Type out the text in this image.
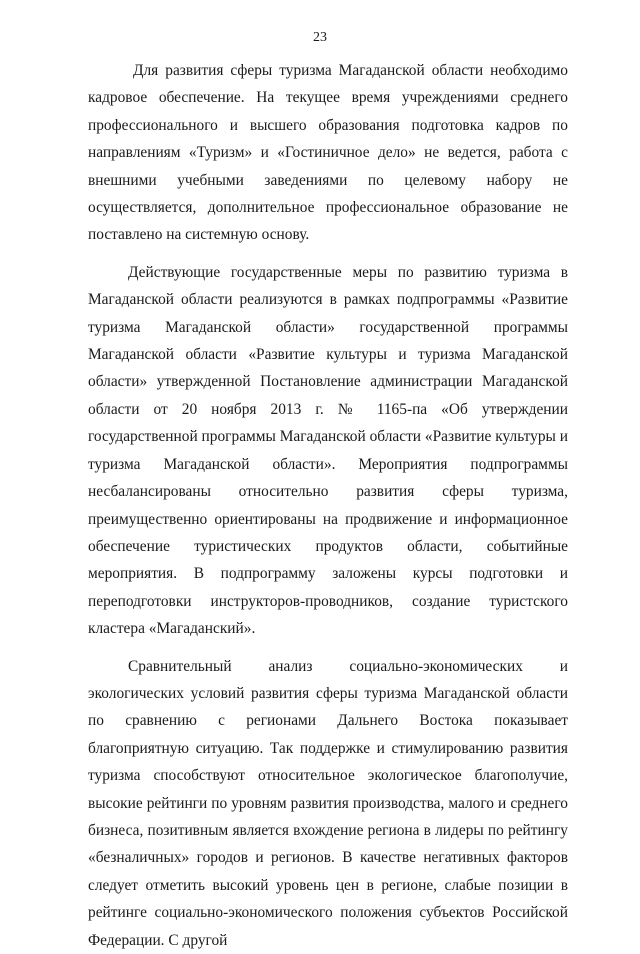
23

Для развития сферы туризма Магаданской области необходимо кадровое обеспечение. На текущее время учреждениями среднего профессионального и высшего образования подготовка кадров по направлениям «Туризм» и «Гостиничное дело» не ведется, работа с внешними учебными заведениями по целевому набору не осуществляется, дополнительное профессиональное образование не поставлено на системную основу.

Действующие государственные меры по развитию туризма в Магаданской области реализуются в рамках подпрограммы «Развитие туризма Магаданской области» государственной программы Магаданской области «Развитие культуры и туризма Магаданской области» утвержденной Постановление администрации Магаданской области от 20 ноября 2013 г. № 1165-па «Об утверждении государственной программы Магаданской области «Развитие культуры и туризма Магаданской области». Мероприятия подпрограммы несбалансированы относительно развития сферы туризма, преимущественно ориентированы на продвижение и информационное обеспечение туристических продуктов области, событийные мероприятия. В подпрограмму заложены курсы подготовки и переподготовки инструкторов-проводников, создание туристского кластера «Магаданский».

Сравнительный анализ социально-экономических и экологических условий развития сферы туризма Магаданской области по сравнению с регионами Дальнего Востока показывает благоприятную ситуацию. Так поддержке и стимулированию развития туризма способствуют относительное экологическое благополучие, высокие рейтинги по уровням развития производства, малого и среднего бизнеса, позитивным является вхождение региона в лидеры по рейтингу «безналичных» городов и регионов. В качестве негативных факторов следует отметить высокий уровень цен в регионе, слабые позиции в рейтинге социально-экономического положения субъектов Российской Федерации. С другой
